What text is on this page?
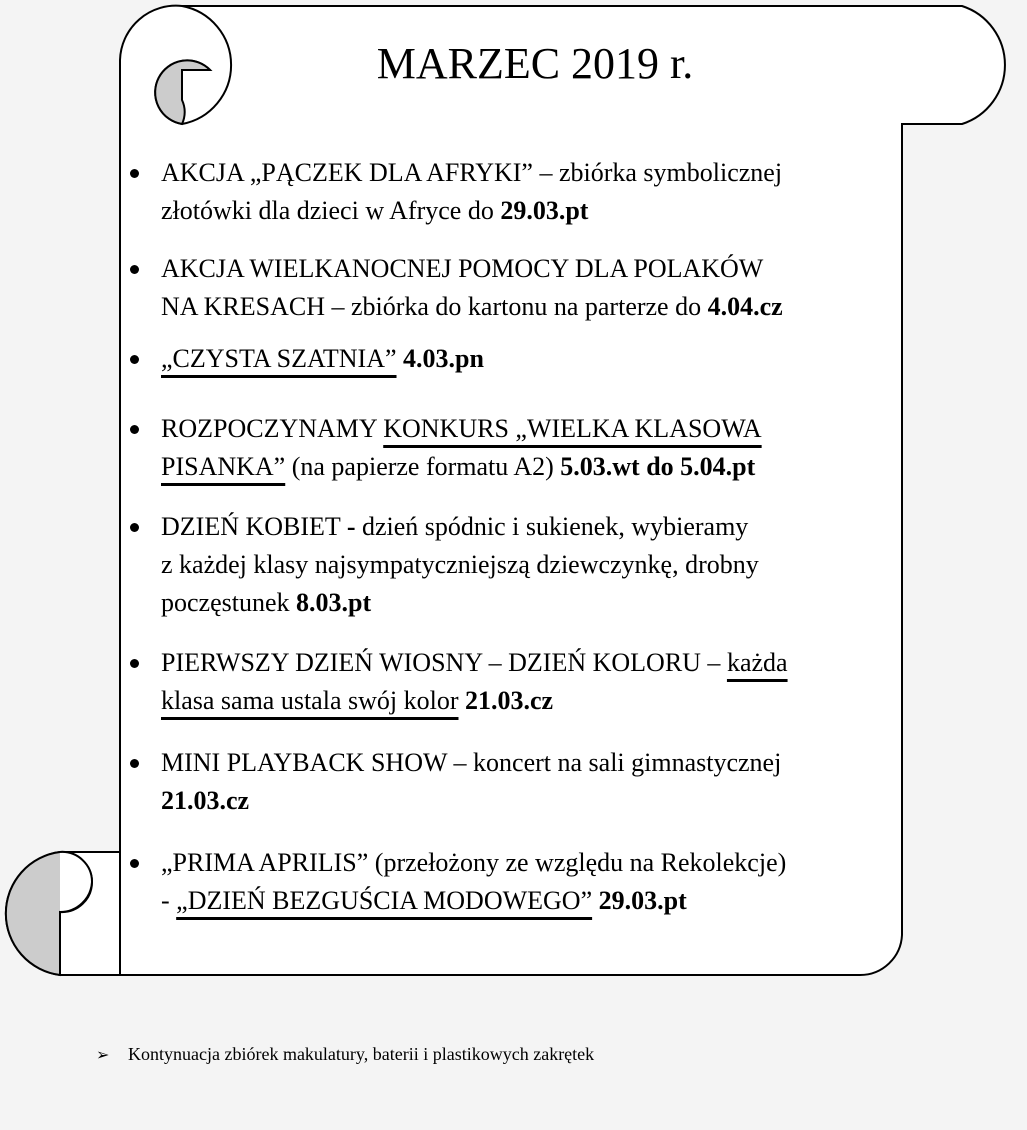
MARZEC 2019 r.
AKCJA „PĄCZEK DLA AFRYKI” – zbiórka symbolicznej
złotówki dla dzieci w Afryce do 29.03.pt
AKCJA WIELKANOCNEJ POMOCY DLA POLAKÓW
NA KRESACH – zbiórka do kartonu na parterze do 4.04.cz
„CZYSTA SZATNIA” 4.03.pn
ROZPOCZYNAMY KONKURS „WIELKA KLASOWA
PISANKA” (na papierze formatu A2) 5.03.wt do 5.04.pt
DZIEŃ KOBIET - dzień spódnic i sukienek, wybieramy
z każdej klasy najsympatyczniejszą dziewczynkę, drobny
poczęstunek 8.03.pt
PIERWSZY DZIEŃ WIOSNY – DZIEŃ KOLORU – każda
klasa sama ustala swój kolor 21.03.cz
MINI PLAYBACK SHOW – koncert na sali gimnastycznej
21.03.cz
„PRIMA APRILIS” (przełożony ze względu na Rekolekcje)
- „DZIEŃ BEZGUŚCIA MODOWEGO” 29.03.pt
➢ Kontynuacja zbiórek makulatury, baterii i plastikowych zakrętek
